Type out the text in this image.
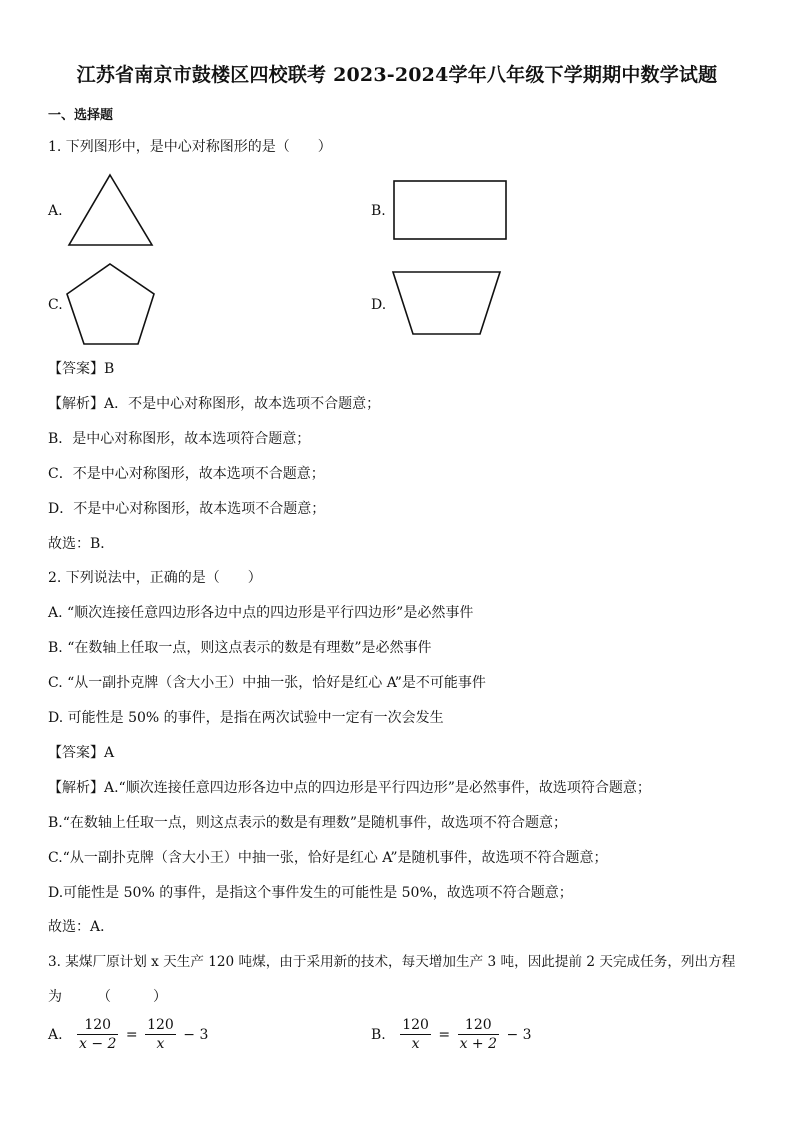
江苏省南京市鼓楼区四校联考 2023-2024学年八年级下学期期中数学试题
一、选择题
1. 下列图形中，是中心对称图形的是（　　）
A.	B.
C.	D.
【答案】B
【解析】A．不是中心对称图形，故本选项不合题意；
B．是中心对称图形，故本选项符合题意；
C．不是中心对称图形，故本选项不合题意；
D．不是中心对称图形，故本选项不合题意；
故选：B．
2. 下列说法中，正确的是（　　）
A. “顺次连接任意四边形各边中点的四边形是平行四边形”是必然事件
B. “在数轴上任取一点，则这点表示的数是有理数”是必然事件
C. “从一副扑克牌（含大小王）中抽一张，恰好是红心 A”是不可能事件
D. 可能性是 50% 的事件，是指在两次试验中一定有一次会发生
【答案】A
【解析】A.“顺次连接任意四边形各边中点的四边形是平行四边形”是必然事件，故选项符合题意；
B.“在数轴上任取一点，则这点表示的数是有理数”是随机事件，故选项不符合题意；
C.“从一副扑克牌（含大小王）中抽一张，恰好是红心 A”是随机事件，故选项不符合题意；
D.可能性是 50% 的事件，是指这个事件发生的可能性是 50%，故选项不符合题意；
故选：A．
3. 某煤厂原计划 x 天生产 120 吨煤，由于采用新的技术，每天增加生产 3 吨，因此提前 2 天完成任务，列出方程
为　　　（　　　）
A. $\frac{120}{x - 2} = \frac{120}{x} - 3$	B. $\frac{120}{x} = \frac{120}{x + 2} - 3$
